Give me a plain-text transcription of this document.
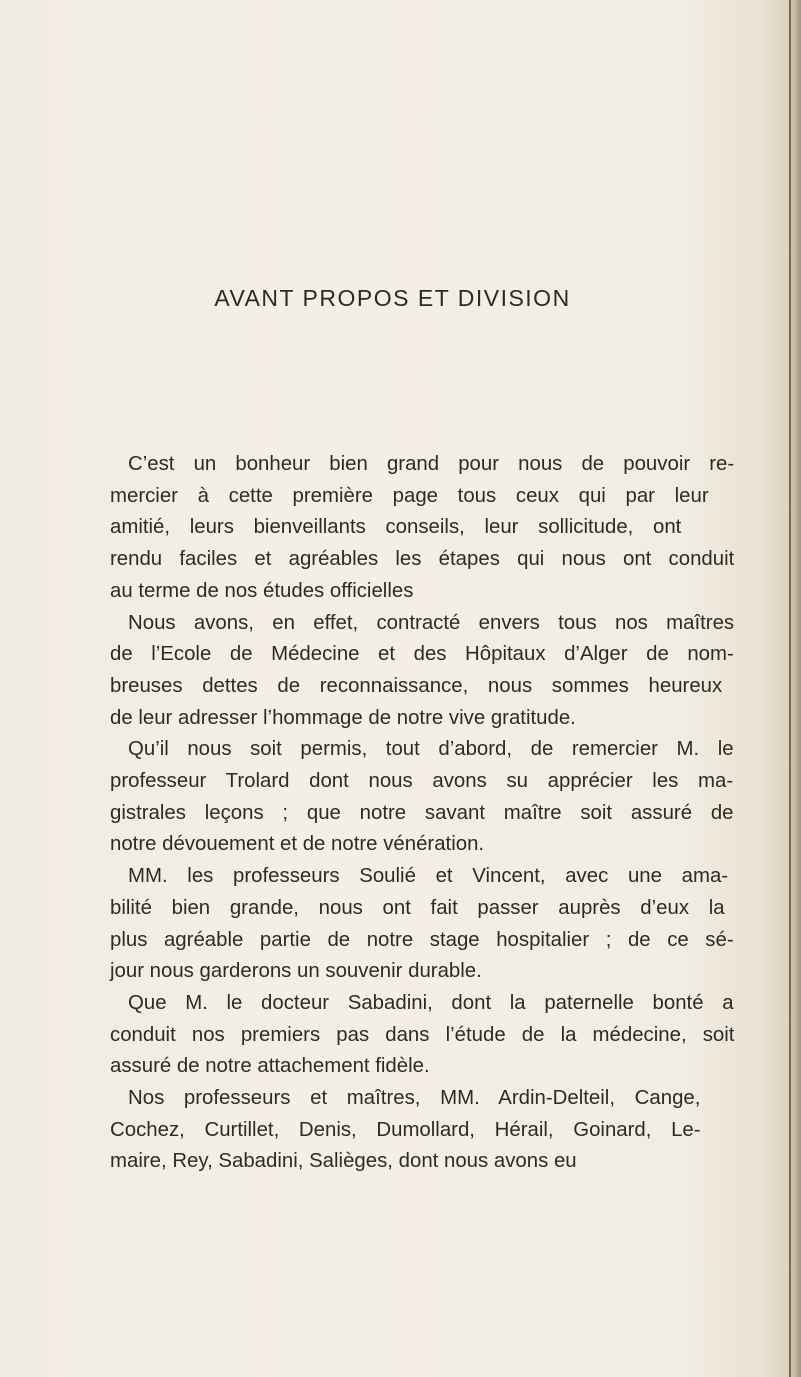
AVANT PROPOS ET DIVISION
C’est un bonheur bien grand pour nous de pouvoir re-
mercier à cette première page tous ceux qui par leur
amitié, leurs bienveillants conseils, leur sollicitude, ont
rendu faciles et agréables les étapes qui nous ont conduit
au terme de nos études officielles
Nous avons, en effet, contracté envers tous nos maîtres
de l’Ecole de Médecine et des Hôpitaux d’Alger de nom-
breuses dettes de reconnaissance, nous sommes heureux
de leur adresser l’hommage de notre vive gratitude.
Qu’il nous soit permis, tout d’abord, de remercier M. le
professeur Trolard dont nous avons su apprécier les ma-
gistrales leçons ; que notre savant maître soit assuré de
notre dévouement et de notre vénération.
MM. les professeurs Soulié et Vincent, avec une ama-
bilité bien grande, nous ont fait passer auprès d’eux la
plus agréable partie de notre stage hospitalier ; de ce sé-
jour nous garderons un souvenir durable.
Que M. le docteur Sabadini, dont la paternelle bonté a
conduit nos premiers pas dans l’étude de la médecine, soit
assuré de notre attachement fidèle.
Nos professeurs et maîtres, MM. Ardin-Delteil, Cange,
Cochez, Curtillet, Denis, Dumollard, Hérail, Goinard, Le-
maire, Rey, Sabadini, Saliѐges, dont nous avons eu
